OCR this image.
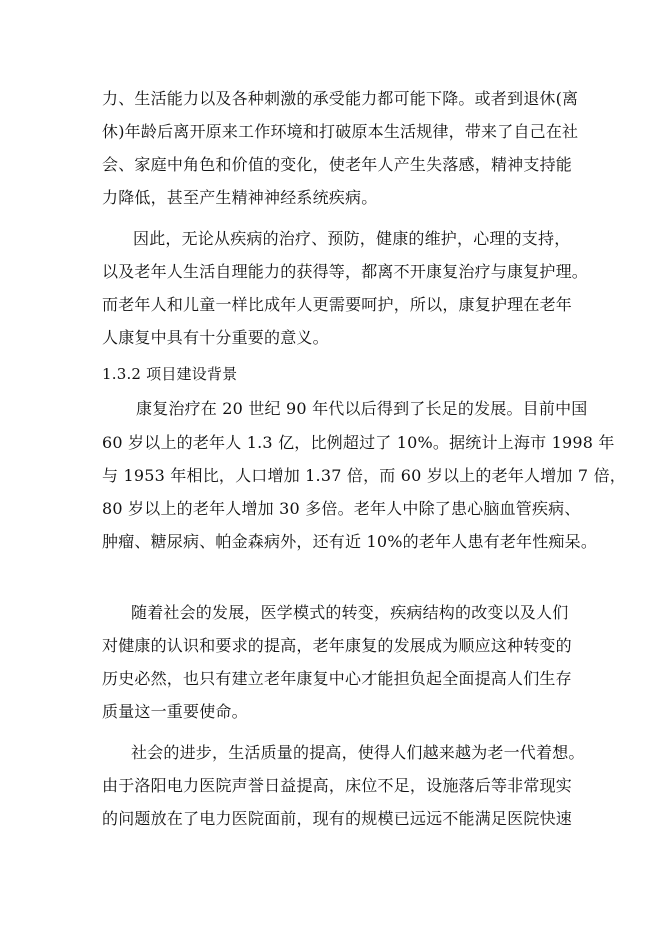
力、生活能力以及各种刺激的承受能力都可能下降。或者到退休(离
休)年龄后离开原来工作环境和打破原本生活规律，带来了自己在社
会、家庭中角色和价值的变化，使老年人产生失落感，精神支持能
力降低，甚至产生精神神经系统疾病。
因此，无论从疾病的治疗、预防，健康的维护，心理的支持，
以及老年人生活自理能力的获得等，都离不开康复治疗与康复护理。
而老年人和儿童一样比成年人更需要呵护，所以，康复护理在老年
人康复中具有十分重要的意义。
1.3.2 项目建设背景
康复治疗在 20 世纪 90 年代以后得到了长足的发展。目前中国
60 岁以上的老年人 1.3 亿，比例超过了 10%。据统计上海市 1998 年
与 1953 年相比，人口增加 1.37 倍，而 60 岁以上的老年人增加 7 倍，
80 岁以上的老年人增加 30 多倍。老年人中除了患心脑血管疾病、
肿瘤、糖尿病、帕金森病外，还有近 10%的老年人患有老年性痴呆。
随着社会的发展，医学模式的转变，疾病结构的改变以及人们
对健康的认识和要求的提高，老年康复的发展成为顺应这种转变的
历史必然，也只有建立老年康复中心才能担负起全面提高人们生存
质量这一重要使命。
社会的进步，生活质量的提高，使得人们越来越为老一代着想。
由于洛阳电力医院声誉日益提高，床位不足，设施落后等非常现实
的问题放在了电力医院面前，现有的规模已远远不能满足医院快速
